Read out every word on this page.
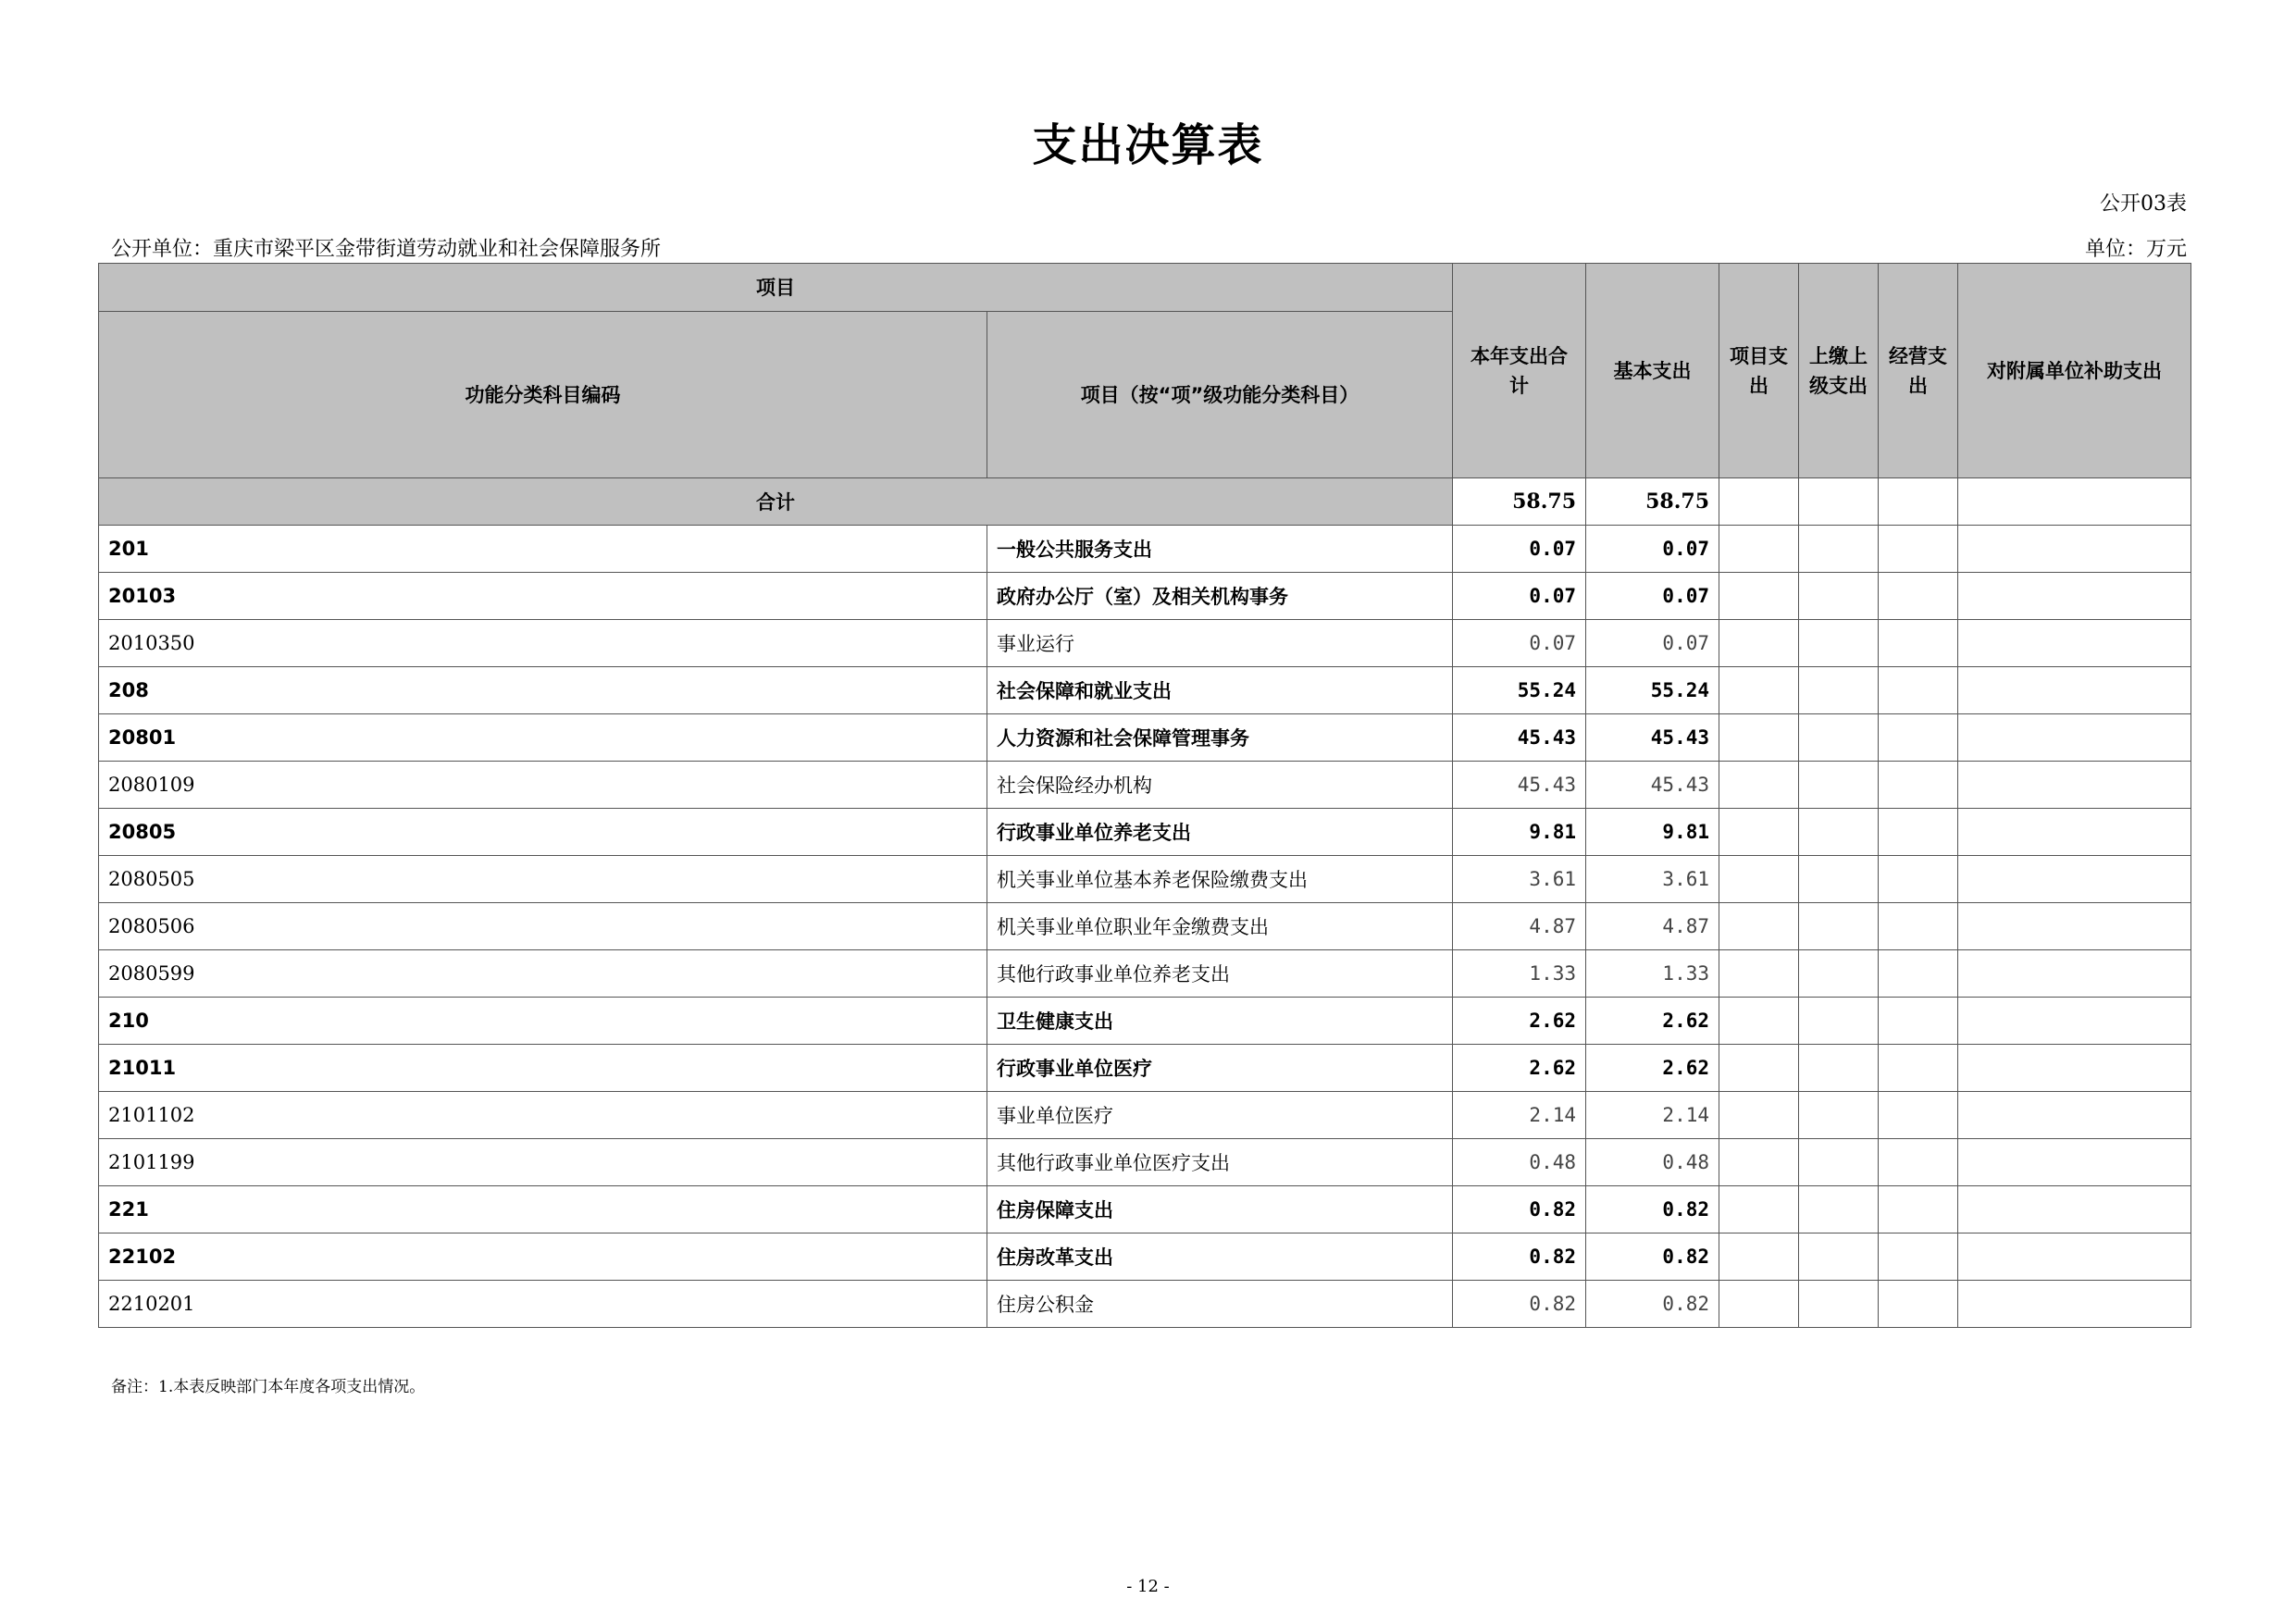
支出决算表
公开03表
公开单位：重庆市梁平区金带街道劳动就业和社会保障服务所	单位：万元
项目		本年支出合计	基本支出	项目支出	上缴上级支出	经营支出	对附属单位补助支出
功能分类科目编码	项目（按“项”级功能分类科目）						
合计		58.75	58.75				
201	一般公共服务支出	0.07	0.07				
20103	政府办公厅（室）及相关机构事务	0.07	0.07				
2010350	事业运行	0.07	0.07				
208	社会保障和就业支出	55.24	55.24				
20801	人力资源和社会保障管理事务	45.43	45.43				
2080109	社会保险经办机构	45.43	45.43				
20805	行政事业单位养老支出	9.81	9.81				
2080505	机关事业单位基本养老保险缴费支出	3.61	3.61				
2080506	机关事业单位职业年金缴费支出	4.87	4.87				
2080599	其他行政事业单位养老支出	1.33	1.33				
210	卫生健康支出	2.62	2.62				
21011	行政事业单位医疗	2.62	2.62				
2101102	事业单位医疗	2.14	2.14				
2101199	其他行政事业单位医疗支出	0.48	0.48				
221	住房保障支出	0.82	0.82				
22102	住房改革支出	0.82	0.82				
2210201	住房公积金	0.82	0.82				
备注：1.本表反映部门本年度各项支出情况。
- 12 -
